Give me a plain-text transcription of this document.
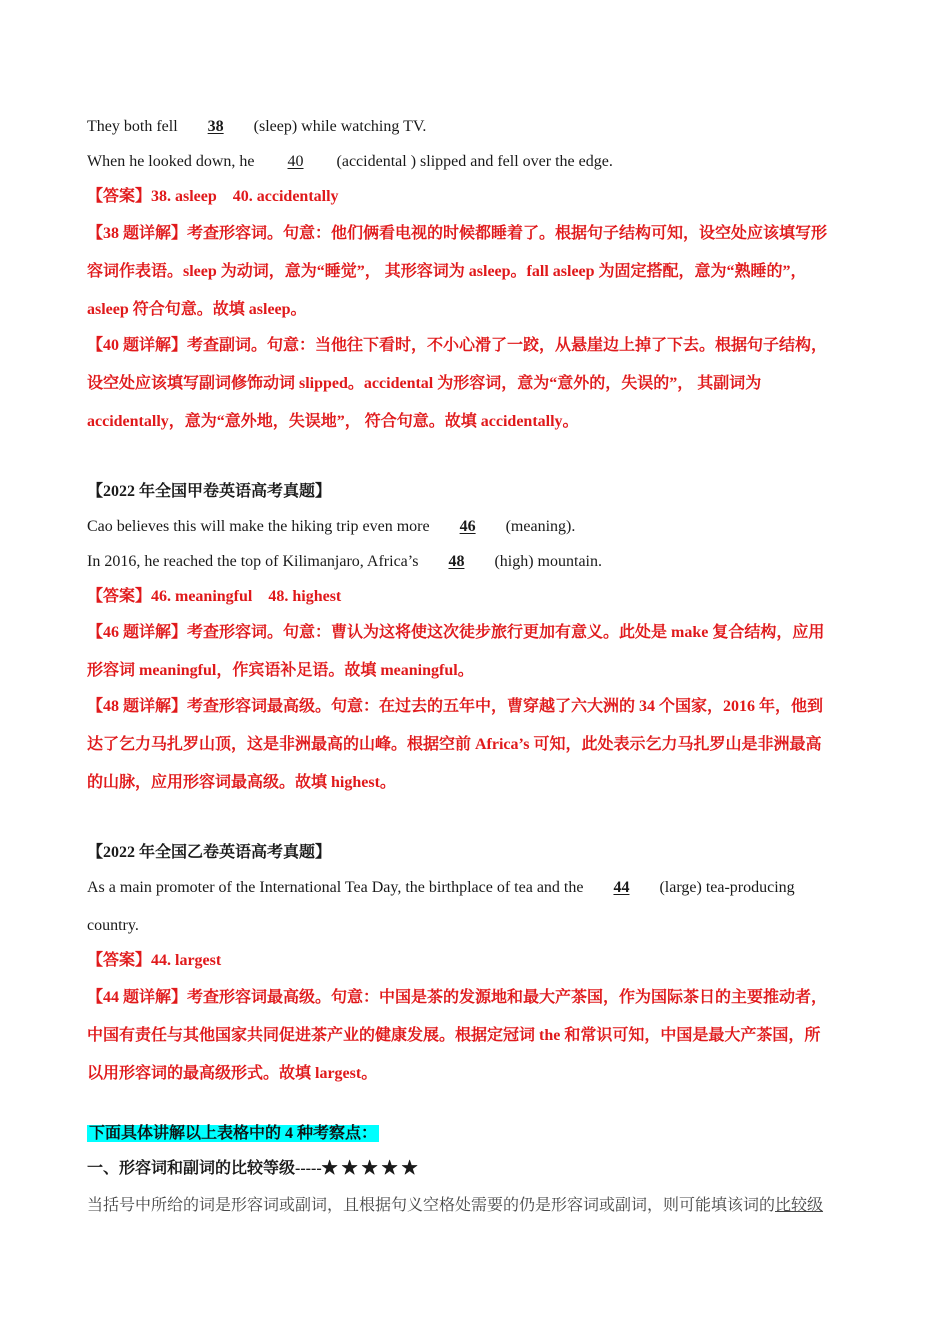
They both fell 38 (sleep) while watching TV.
When he looked down, he 40 (accidental ) slipped and fell over the edge.
【答案】38. asleep　40. accidentally
【38 题详解】考查形容词。句意：他们俩看电视的时候都睡着了。根据句子结构可知，设空处应该填写形
容词作表语。sleep 为动词，意为“睡觉”， 其形容词为 asleep。fall asleep 为固定搭配，意为“熟睡的”，
asleep 符合句意。故填 asleep。
【40 题详解】考查副词。句意：当他往下看时，不小心滑了一跤，从悬崖边上掉了下去。根据句子结构，
设空处应该填写副词修饰动词 slipped。accidental 为形容词，意为“意外的，失误的”， 其副词为
accidentally，意为“意外地，失误地”， 符合句意。故填 accidentally。
【2022 年全国甲卷英语高考真题】
Cao believes this will make the hiking trip even more 46 (meaning).
In 2016, he reached the top of Kilimanjaro, Africa’s 48 (high) mountain.
【答案】46. meaningful　48. highest
【46 题详解】考查形容词。句意：曹认为这将使这次徒步旅行更加有意义。此处是 make 复合结构，应用
形容词 meaningful，作宾语补足语。故填 meaningful。
【48 题详解】考查形容词最高级。句意：在过去的五年中，曹穿越了六大洲的 34 个国家，2016 年，他到
达了乞力马扎罗山顶，这是非洲最高的山峰。根据空前 Africa’s 可知，此处表示乞力马扎罗山是非洲最高
的山脉，应用形容词最高级。故填 highest。
【2022 年全国乙卷英语高考真题】
As a main promoter of the International Tea Day, the birthplace of tea and the 44 (large) tea-producing
country.
【答案】44. largest
【44 题详解】考查形容词最高级。句意：中国是茶的发源地和最大产茶国，作为国际茶日的主要推动者，
中国有责任与其他国家共同促进茶产业的健康发展。根据定冠词 the 和常识可知，中国是最大产茶国，所
以用形容词的最高级形式。故填 largest。
下面具体讲解以上表格中的 4 种考察点：
一、形容词和副词的比较等级-----★ ★ ★ ★ ★
当括号中所给的词是形容词或副词，且根据句义空格处需要的仍是形容词或副词，则可能填该词的比较级
